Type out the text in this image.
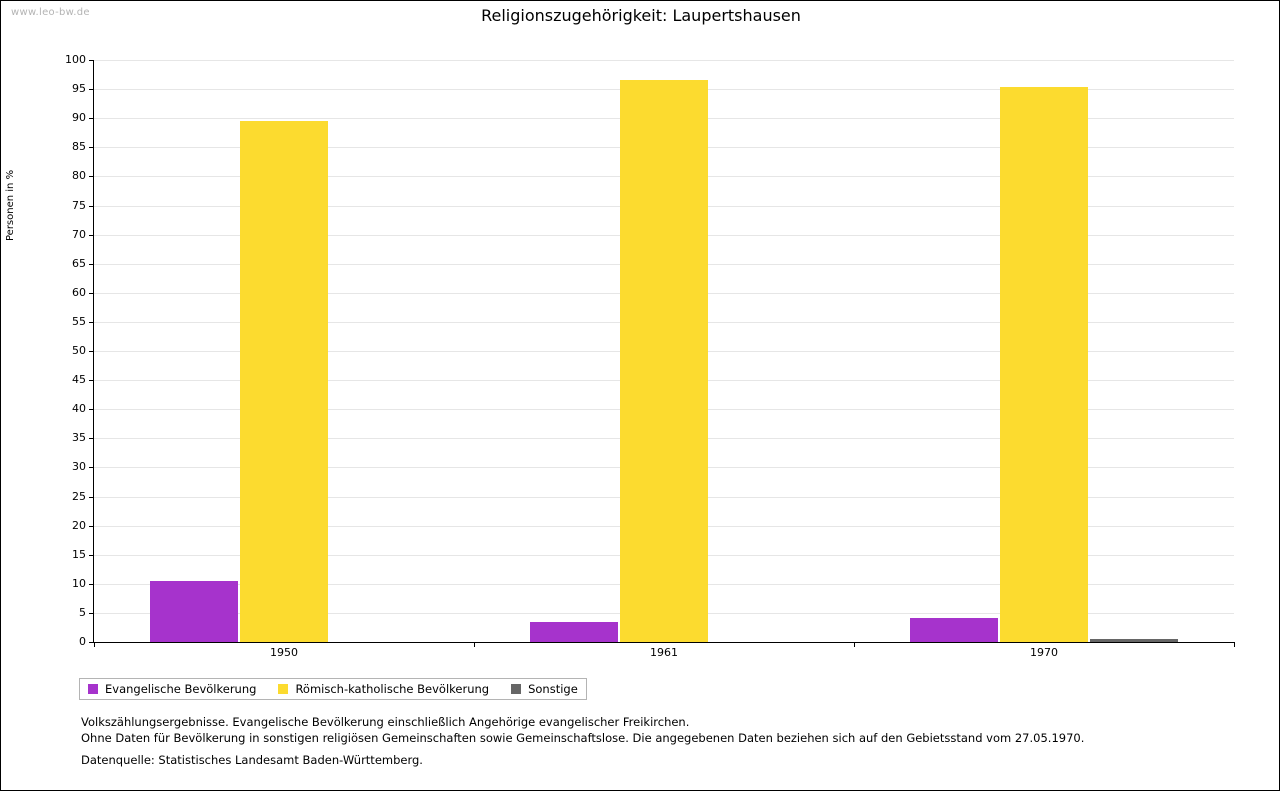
www.leo-bw.de	Religionszugehörigkeit: Laupertshausen
Personen in %
0
5
10
15
20
25
30
35
40
45
50
55
60
65
70
75
80
85
90
95
100
1950	1961	1970
Evangelische Bevölkerung	Römisch-katholische Bevölkerung	Sonstige
Volkszählungsergebnisse. Evangelische Bevölkerung einschließlich Angehörige evangelischer Freikirchen.
Ohne Daten für Bevölkerung in sonstigen religiösen Gemeinschaften sowie Gemeinschaftslose. Die angegebenen Daten beziehen sich auf den Gebietsstand vom 27.05.1970.
Datenquelle: Statistisches Landesamt Baden-Württemberg.
